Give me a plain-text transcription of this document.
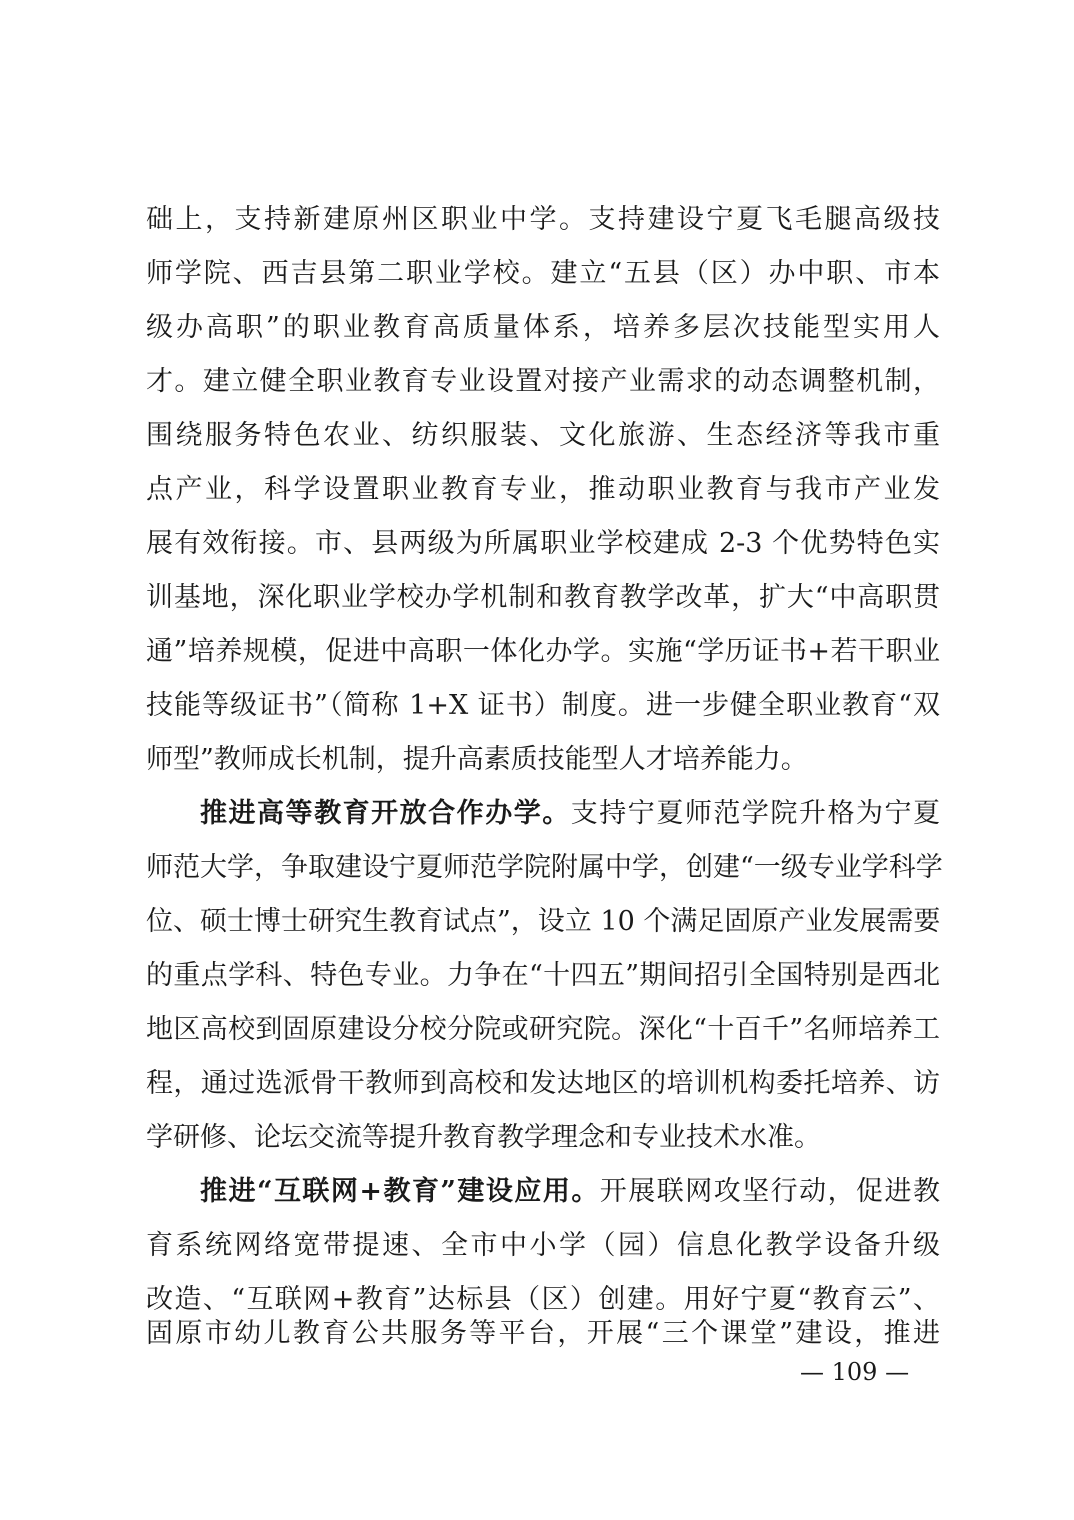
础上，支持新建原州区职业中学。支持建设宁夏飞毛腿高级技
师学院、西吉县第二职业学校。建立“五县（区）办中职、市本
级办高职”的职业教育高质量体系，培养多层次技能型实用人
才。建立健全职业教育专业设置对接产业需求的动态调整机制，
围绕服务特色农业、纺织服装、文化旅游、生态经济等我市重
点产业，科学设置职业教育专业，推动职业教育与我市产业发
展有效衔接。市、县两级为所属职业学校建成 2-3 个优势特色实
训基地，深化职业学校办学机制和教育教学改革，扩大“中高职贯
通”培养规模，促进中高职一体化办学。实施“学历证书+若干职业
技能等级证书”（简称 1+X 证书）制度。进一步健全职业教育“双
师型”教师成长机制，提升高素质技能型人才培养能力。
推进高等教育开放合作办学。支持宁夏师范学院升格为宁夏
师范大学，争取建设宁夏师范学院附属中学，创建“一级专业学科学
位、硕士博士研究生教育试点”，设立 10 个满足固原产业发展需要
的重点学科、特色专业。力争在“十四五”期间招引全国特别是西北
地区高校到固原建设分校分院或研究院。深化“十百千”名师培养工
程，通过选派骨干教师到高校和发达地区的培训机构委托培养、访
学研修、论坛交流等提升教育教学理念和专业技术水准。
推进“互联网+教育”建设应用。开展联网攻坚行动，促进教
育系统网络宽带提速、全市中小学（园）信息化教学设备升级
改造、“互联网+教育”达标县（区）创建。用好宁夏“教育云”、
固原市幼儿教育公共服务等平台，开展“三个课堂”建设，推进
— 109 —
